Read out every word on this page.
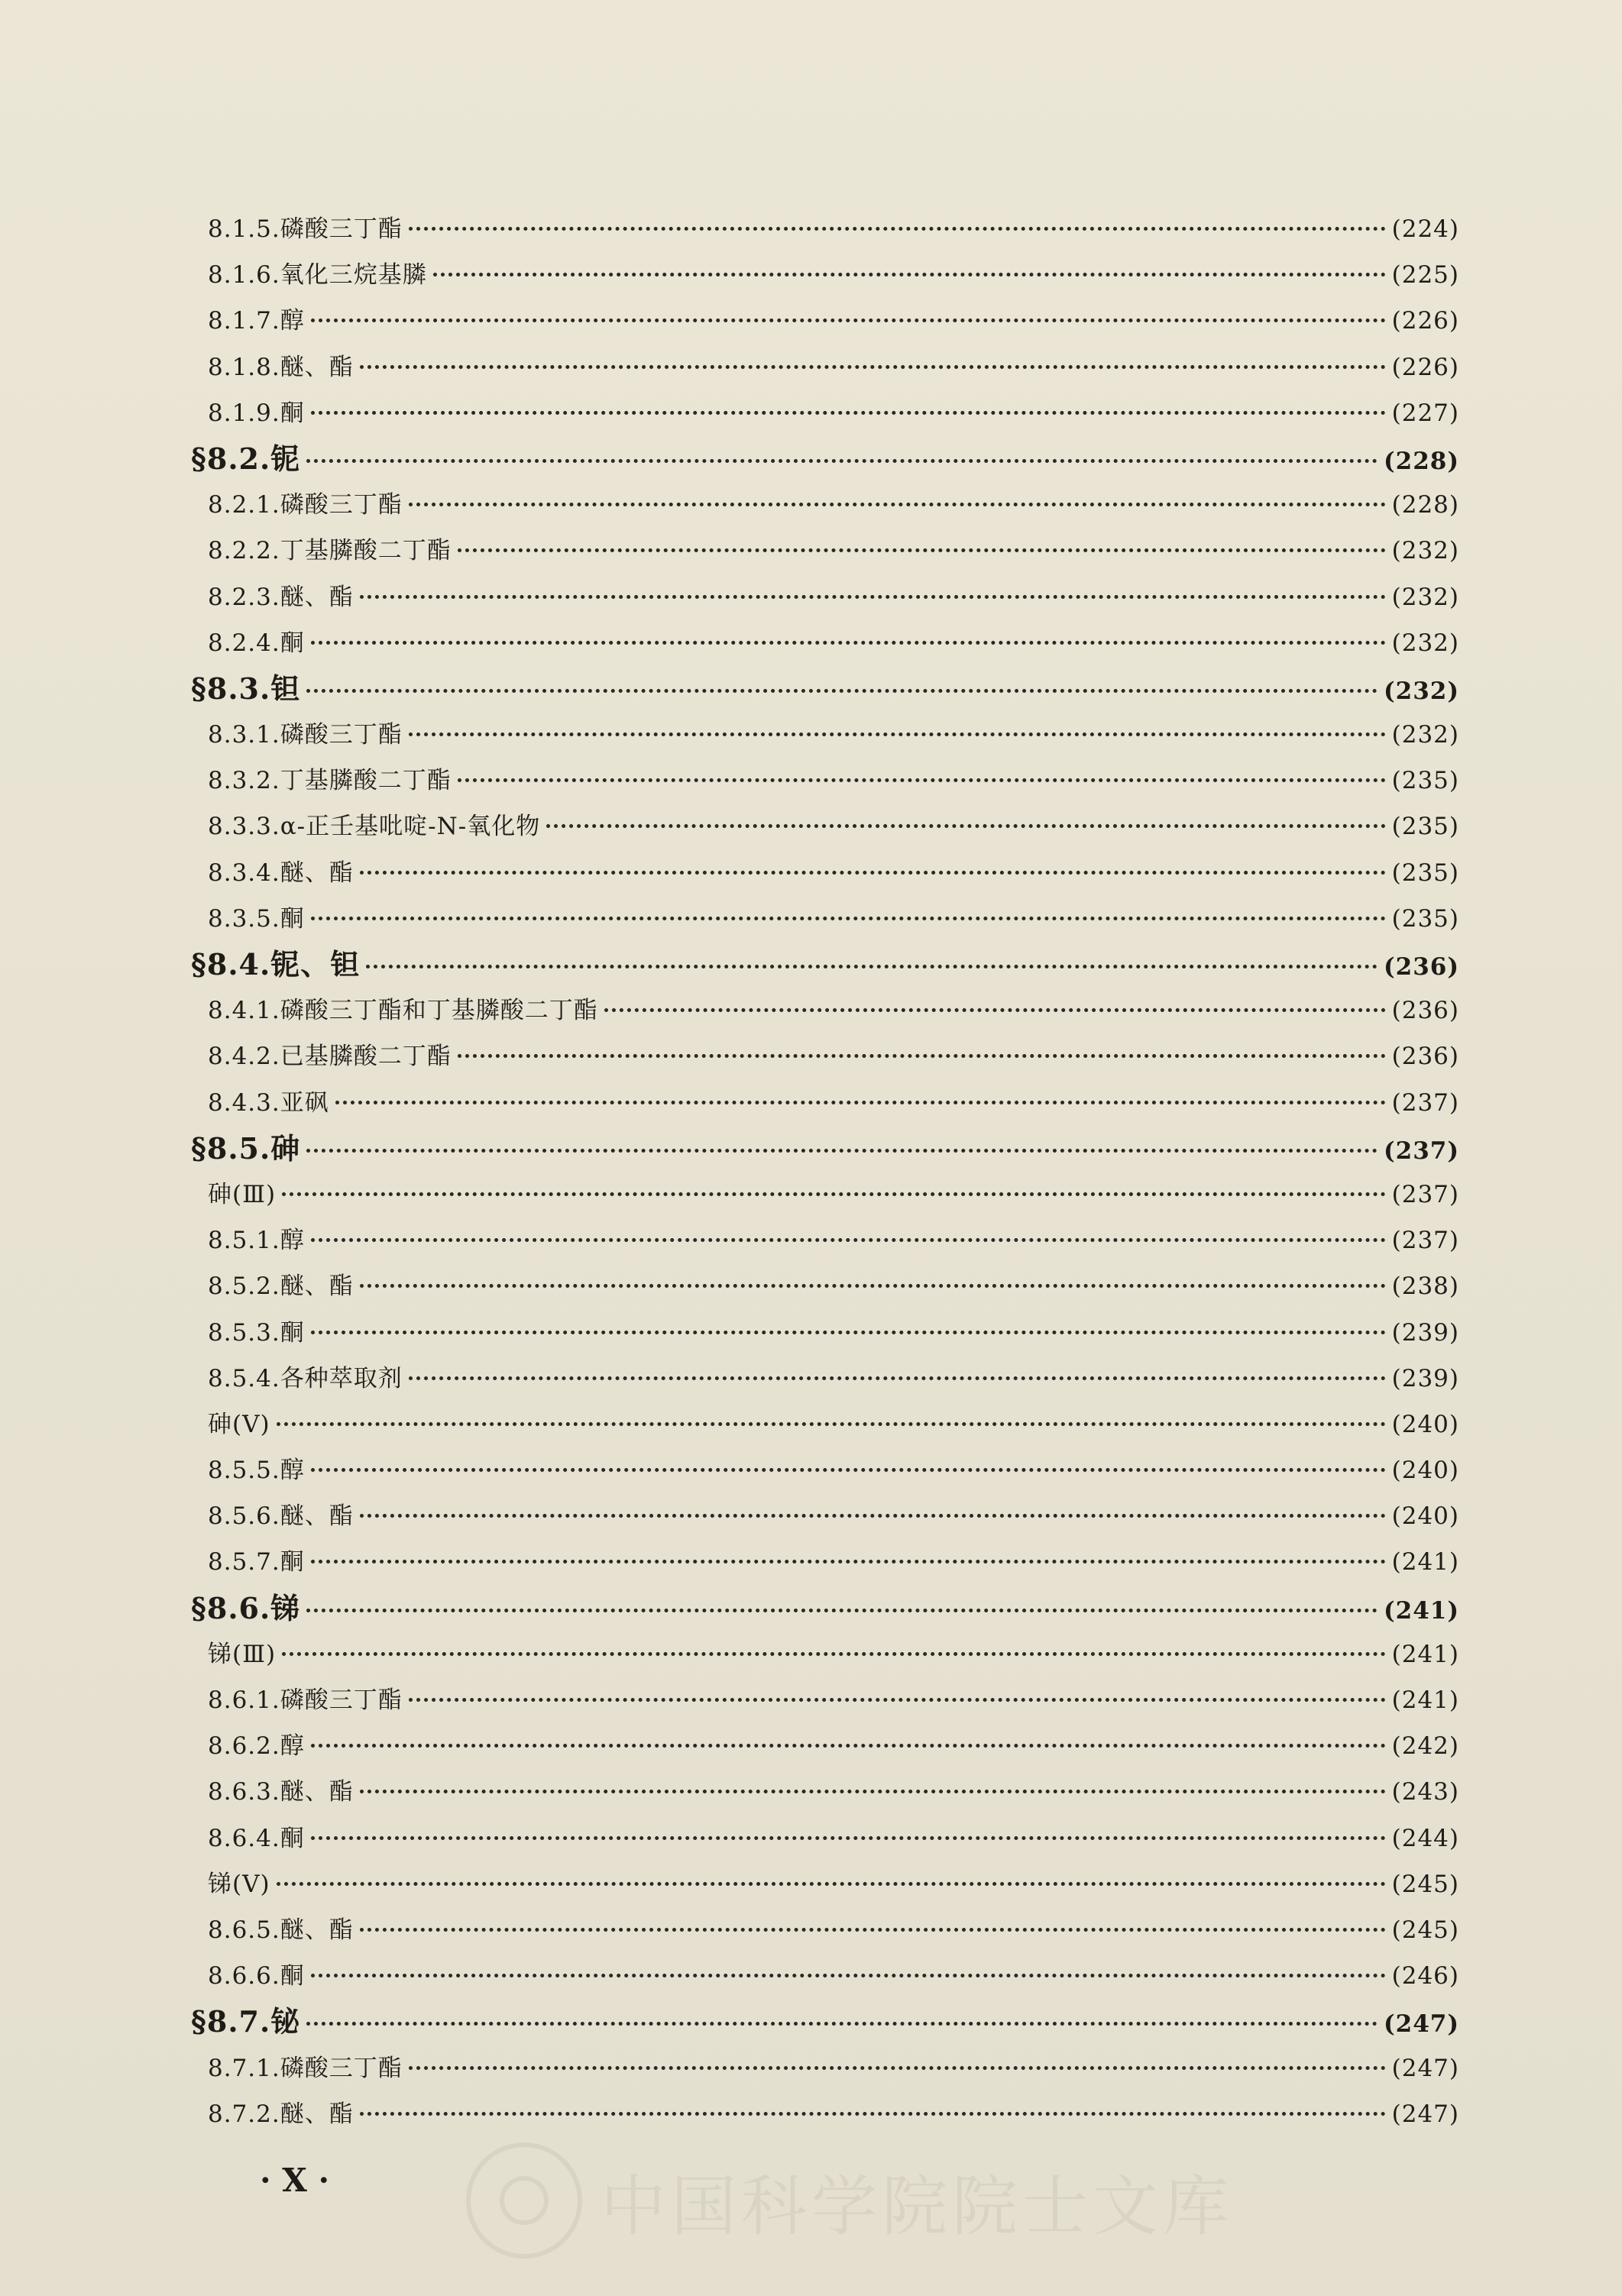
8.1.5.磷酸三丁酯	(224)
8.1.6.氧化三烷基膦	(225)
8.1.7.醇	(226)
8.1.8.醚、酯	(226)
8.1.9.酮	(227)
§8.2.铌	(228)
8.2.1.磷酸三丁酯	(228)
8.2.2.丁基膦酸二丁酯	(232)
8.2.3.醚、酯	(232)
8.2.4.酮	(232)
§8.3.钽	(232)
8.3.1.磷酸三丁酯	(232)
8.3.2.丁基膦酸二丁酯	(235)
8.3.3.α-正壬基吡啶-N-氧化物	(235)
8.3.4.醚、酯	(235)
8.3.5.酮	(235)
§8.4.铌、钽	(236)
8.4.1.磷酸三丁酯和丁基膦酸二丁酯	(236)
8.4.2.已基膦酸二丁酯	(236)
8.4.3.亚砜	(237)
§8.5.砷	(237)
砷(Ⅲ)	(237)
8.5.1.醇	(237)
8.5.2.醚、酯	(238)
8.5.3.酮	(239)
8.5.4.各种萃取剂	(239)
砷(Ⅴ)	(240)
8.5.5.醇	(240)
8.5.6.醚、酯	(240)
8.5.7.酮	(241)
§8.6.锑	(241)
锑(Ⅲ)	(241)
8.6.1.磷酸三丁酯	(241)
8.6.2.醇	(242)
8.6.3.醚、酯	(243)
8.6.4.酮	(244)
锑(Ⅴ)	(245)
8.6.5.醚、酯	(245)
8.6.6.酮	(246)
§8.7.铋	(247)
8.7.1.磷酸三丁酯	(247)
8.7.2.醚、酯	(247)
· X ·	中国科学院院士文库
